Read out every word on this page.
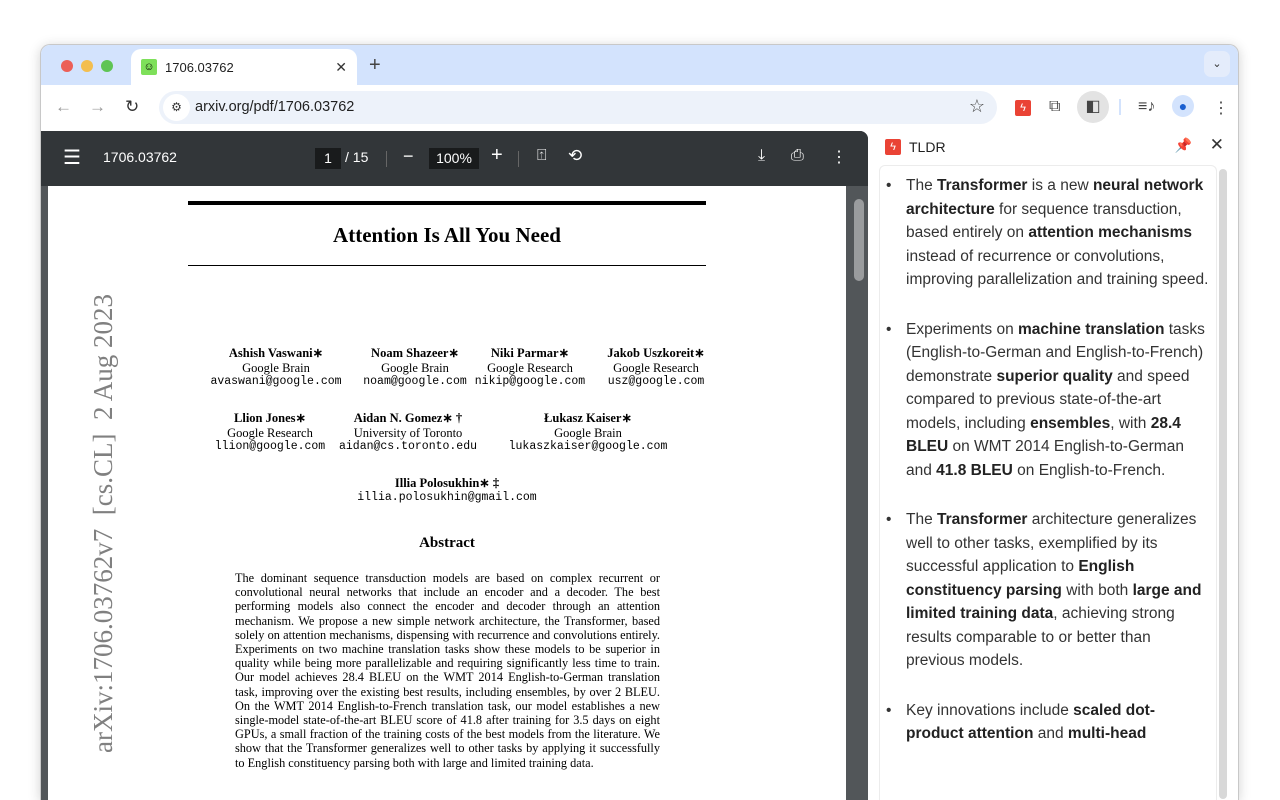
☺ 1706.03762	✕ +	⌄
← → ↻	⚙ arxiv.org/pdf/1706.03762	☆	ϟ	⧉	◧	≡♪	●	⋮
☰ 1706.03762	1 / 15 −	100% + ⍐ ⟲	⤓ ⎙ ⋮
arXiv:1706.03762v7  [cs.CL]  2 Aug 2023
Attention Is All You Need
Ashish Vaswani∗
Google Brain
avaswani@google.com
Noam Shazeer∗
Google Brain
noam@google.com
Niki Parmar∗
Google Research
nikip@google.com
Jakob Uszkoreit∗
Google Research
usz@google.com
Llion Jones∗
Google Research
llion@google.com
Aidan N. Gomez∗ †
University of Toronto
aidan@cs.toronto.edu
Łukasz Kaiser∗
Google Brain
lukaszkaiser@google.com
Illia Polosukhin∗ ‡
illia.polosukhin@gmail.com
Abstract
The dominant sequence transduction models are based on complex recurrent or convolutional neural networks that include an encoder and a decoder. The best performing models also connect the encoder and decoder through an attention mechanism. We propose a new simple network architecture, the Transformer, based solely on attention mechanisms, dispensing with recurrence and convolutions entirely. Experiments on two machine translation tasks show these models to be superior in quality while being more parallelizable and requiring significantly less time to train. Our model achieves 28.4 BLEU on the WMT 2014 English-to-German translation task, improving over the existing best results, including ensembles, by over 2 BLEU. On the WMT 2014 English-to-French translation task, our model establishes a new single-model state-of-the-art BLEU score of 41.8 after training for 3.5 days on eight GPUs, a small fraction of the training costs of the best models from the literature. We show that the Transformer generalizes well to other tasks by applying it successfully to English constituency parsing both with large and limited training data.
ϟ TLDR	📌 ✕
• The Transformer is a new neural network architecture for sequence transduction, based entirely on attention mechanisms instead of recurrence or convolutions, improving parallelization and training speed.
• Experiments on machine translation tasks (English-to-German and English-to-French) demonstrate superior quality and speed compared to previous state-of-the-art models, including ensembles, with 28.4 BLEU on WMT 2014 English-to-German and 41.8 BLEU on English-to-French.
• The Transformer architecture generalizes well to other tasks, exemplified by its successful application to English constituency parsing with both large and limited training data, achieving strong results comparable to or better than previous models.
• Key innovations include scaled dot-product attention and multi-head
